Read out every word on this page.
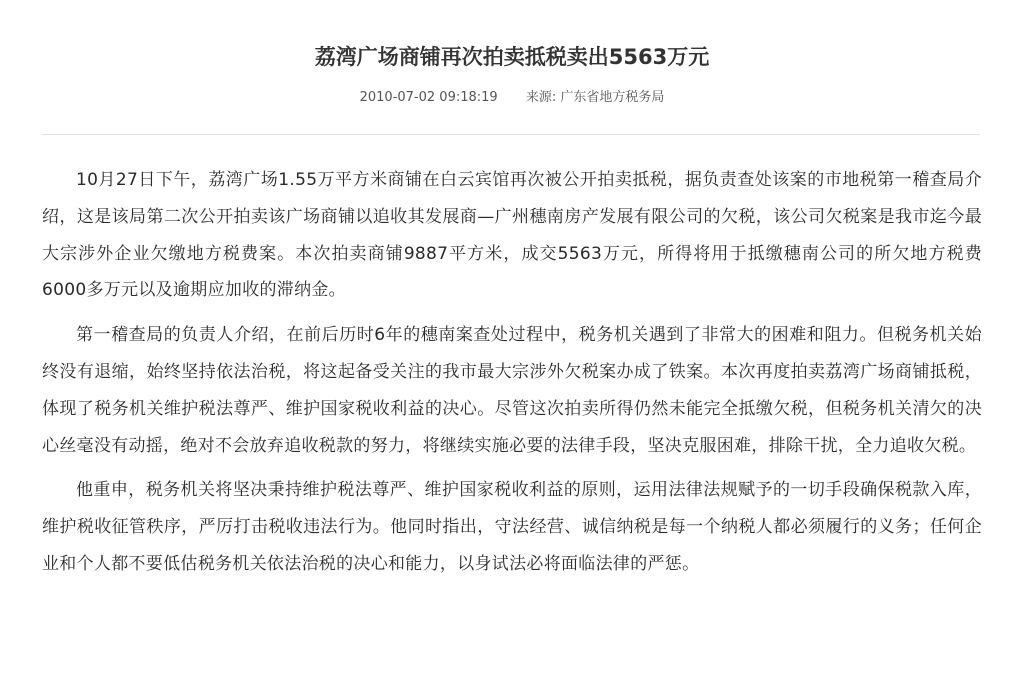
荔湾广场商铺再次拍卖抵税卖出5563万元
2010-07-02 09:18:19 来源: 广东省地方税务局

10月27日下午，荔湾广场1.55万平方米商铺在白云宾馆再次被公开拍卖抵税，据负责查处该案的市地税第一稽查局介绍，这是该局第二次公开拍卖该广场商铺以追收其发展商—广州穗南房产发展有限公司的欠税，该公司欠税案是我市迄今最大宗涉外企业欠缴地方税费案。本次拍卖商铺9887平方米，成交5563万元，所得将用于抵缴穗南公司的所欠地方税费6000多万元以及逾期应加收的滞纳金。

第一稽查局的负责人介绍，在前后历时6年的穗南案查处过程中，税务机关遇到了非常大的困难和阻力。但税务机关始终没有退缩，始终坚持依法治税，将这起备受关注的我市最大宗涉外欠税案办成了铁案。本次再度拍卖荔湾广场商铺抵税，体现了税务机关维护税法尊严、维护国家税收利益的决心。尽管这次拍卖所得仍然未能完全抵缴欠税，但税务机关清欠的决心丝毫没有动摇，绝对不会放弃追收税款的努力，将继续实施必要的法律手段，坚决克服困难，排除干扰，全力追收欠税。

他重申，税务机关将坚决秉持维护税法尊严、维护国家税收利益的原则，运用法律法规赋予的一切手段确保税款入库，维护税收征管秩序，严厉打击税收违法行为。他同时指出，守法经营、诚信纳税是每一个纳税人都必须履行的义务；任何企业和个人都不要低估税务机关依法治税的决心和能力，以身试法必将面临法律的严惩。
